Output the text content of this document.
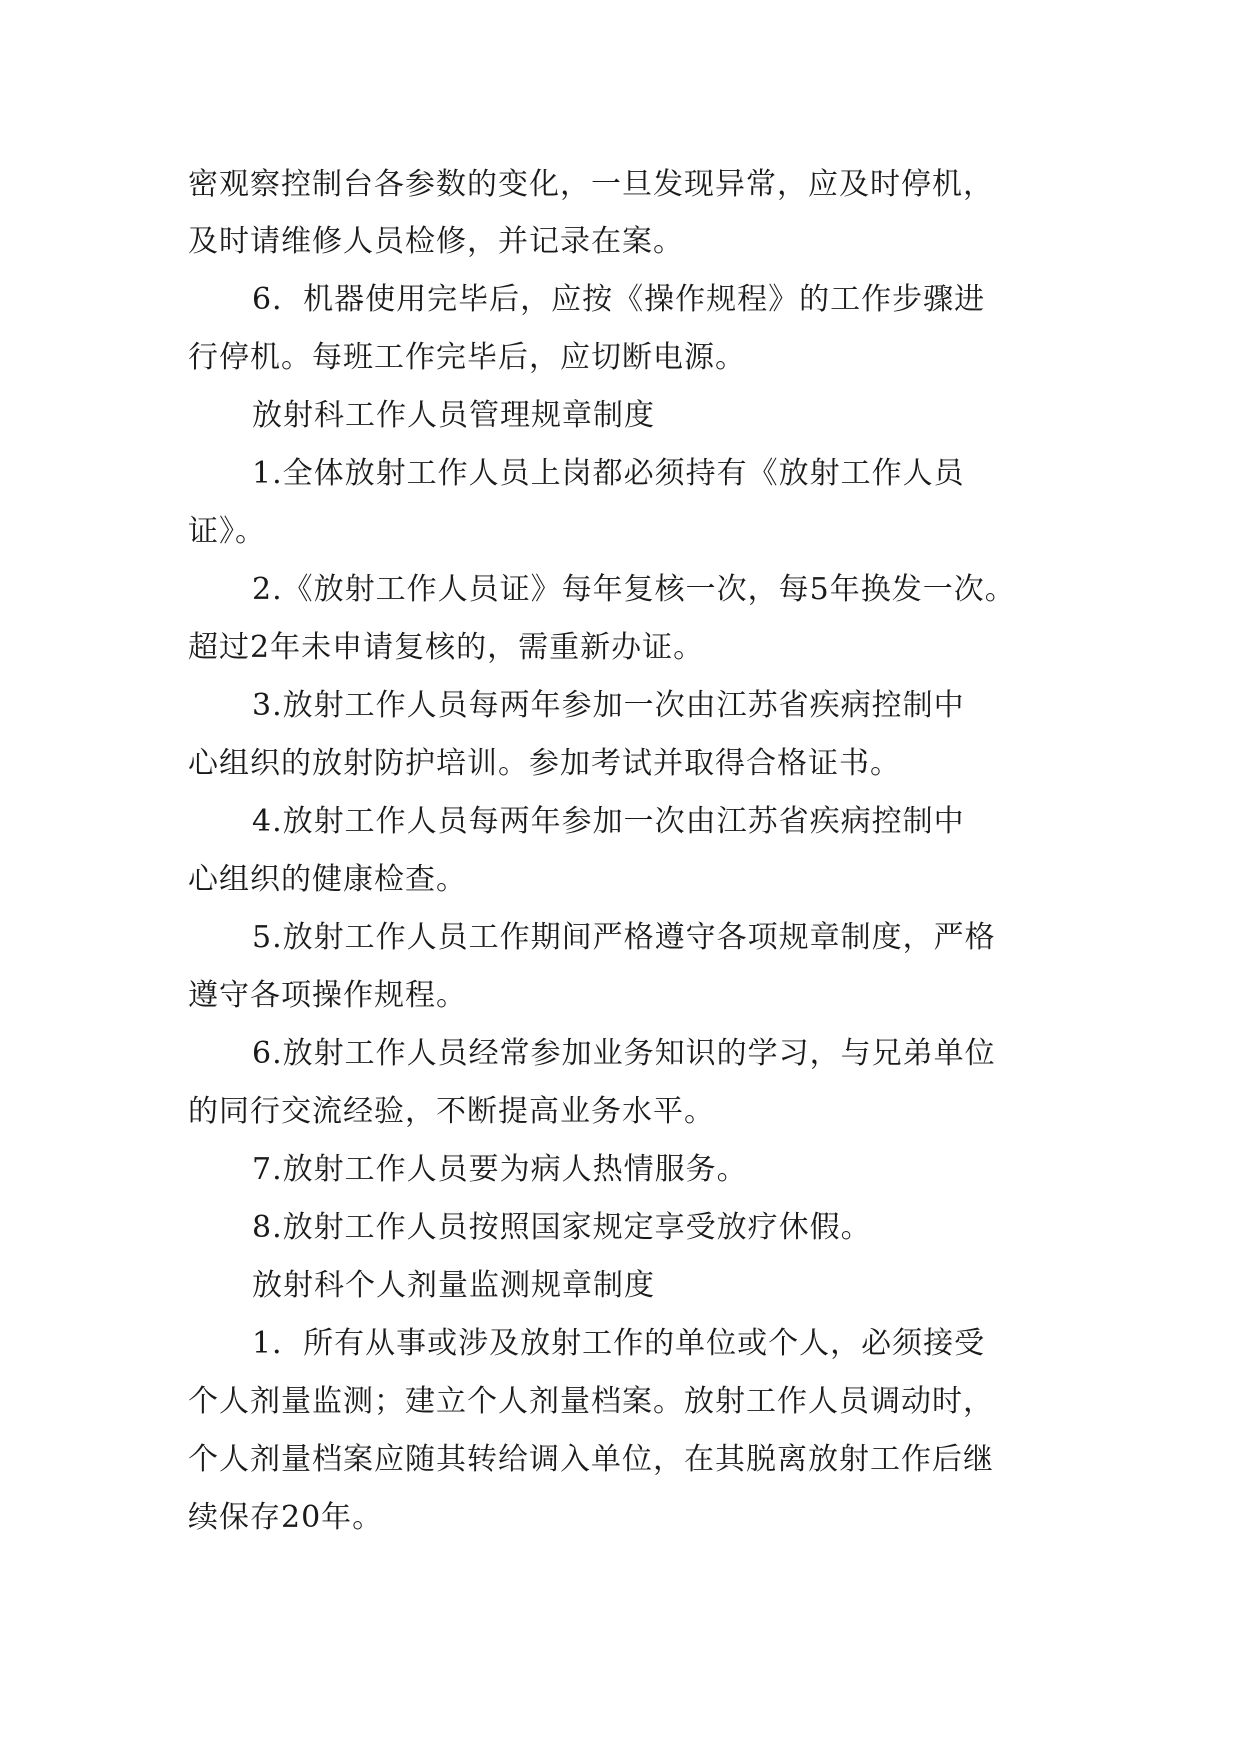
密观察控制台各参数的变化，一旦发现异常，应及时停机，
及时请维修人员检修，并记录在案。
6．机器使用完毕后，应按《操作规程》的工作步骤进
行停机。每班工作完毕后，应切断电源。
放射科工作人员管理规章制度
1.全体放射工作人员上岗都必须持有《放射工作人员
证》。
2.《放射工作人员证》每年复核一次，每5年换发一次。
超过2年未申请复核的，需重新办证。
3.放射工作人员每两年参加一次由江苏省疾病控制中
心组织的放射防护培训。参加考试并取得合格证书。
4.放射工作人员每两年参加一次由江苏省疾病控制中
心组织的健康检查。
5.放射工作人员工作期间严格遵守各项规章制度，严格
遵守各项操作规程。
6.放射工作人员经常参加业务知识的学习，与兄弟单位
的同行交流经验，不断提高业务水平。
7.放射工作人员要为病人热情服务。
8.放射工作人员按照国家规定享受放疗休假。
放射科个人剂量监测规章制度
1．所有从事或涉及放射工作的单位或个人，必须接受
个人剂量监测；建立个人剂量档案。放射工作人员调动时，
个人剂量档案应随其转给调入单位，在其脱离放射工作后继
续保存20年。
